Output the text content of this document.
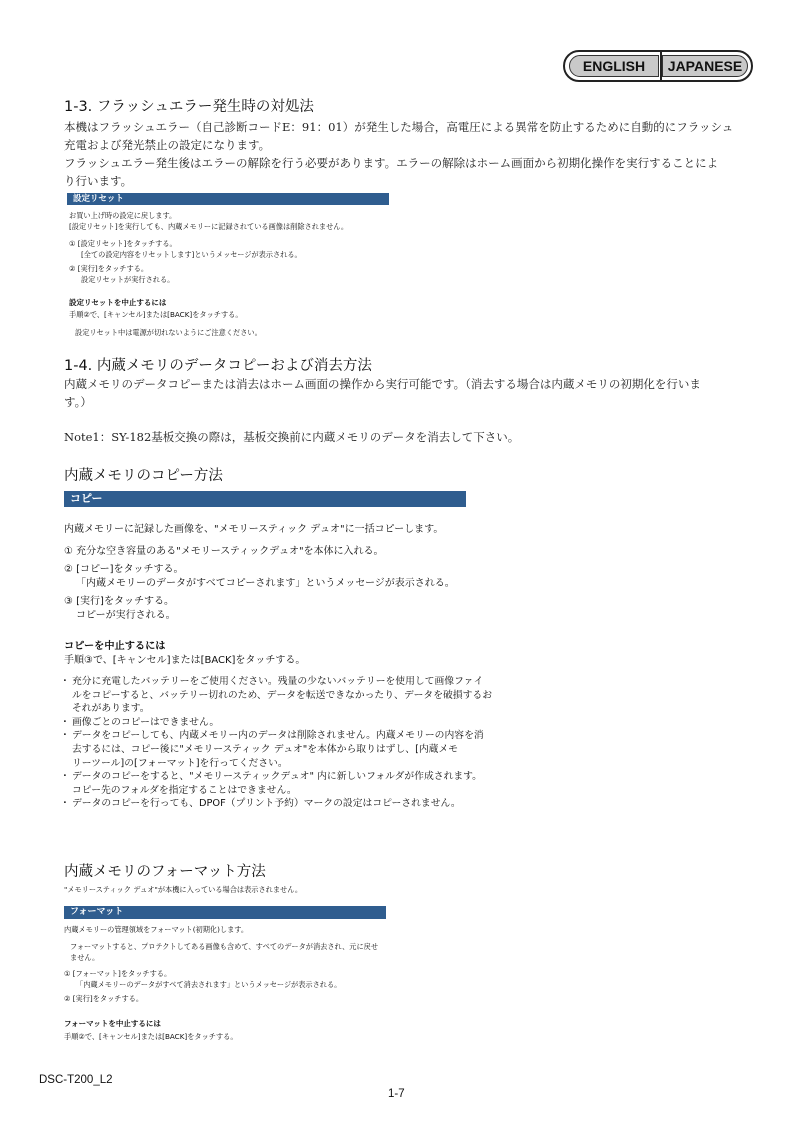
ENGLISH	JAPANESE
1-3. フラッシュエラー発生時の対処法
本機はフラッシュエラー（自己診断コードE：91：01）が発生した場合，高電圧による異常を防止するために自動的にフラッシュ
充電および発光禁止の設定になります。
フラッシュエラー発生後はエラーの解除を行う必要があります。エラーの解除はホーム画面から初期化操作を実行することによ
り行います。
設定リセット
お買い上げ時の設定に戻します。
[設定リセット]を実行しても、内蔵メモリーに記録されている画像は削除されません。
① [設定リセット]をタッチする。
[全ての設定内容をリセットします]というメッセージが表示される。
② [実行]をタッチする。
設定リセットが実行される。
設定リセットを中止するには
手順②で、[キャンセル]または[BACK]をタッチする。
設定リセット中は電源が切れないようにご注意ください。
1-4. 内蔵メモリのデータコピーおよび消去方法
内蔵メモリのデータコピーまたは消去はホーム画面の操作から実行可能です。（消去する場合は内蔵メモリの初期化を行いま
す。）
Note1：SY-182基板交換の際は，基板交換前に内蔵メモリのデータを消去して下さい。
内蔵メモリのコピー方法
コピー
内蔵メモリーに記録した画像を、"メモリースティック デュオ"に一括コピーします。
① 充分な空き容量のある"メモリースティックデュオ"を本体に入れる。
② [コピー]をタッチする。
「内蔵メモリーのデータがすべてコピーされます」というメッセージが表示される。
③ [実行]をタッチする。
コピーが実行される。
コピーを中止するには
手順③で、[キャンセル]または[BACK]をタッチする。
・ 充分に充電したバッテリーをご使用ください。残量の少ないバッテリーを使用して画像ファイ
ルをコピーすると、バッテリー切れのため、データを転送できなかったり、データを破損するお
それがあります。
・ 画像ごとのコピーはできません。
・ データをコピーしても、内蔵メモリー内のデータは削除されません。内蔵メモリーの内容を消
去するには、コピー後に"メモリースティック デュオ"を本体から取りはずし、[内蔵メモ
リーツール]の[フォーマット]を行ってください。
・ データのコピーをすると、"メモリースティックデュオ" 内に新しいフォルダが作成されます。
コピー先のフォルダを指定することはできません。
・ データのコピーを行っても、DPOF（プリント予約）マークの設定はコピーされません。
内蔵メモリのフォーマット方法
"メモリースティック デュオ"が本機に入っている場合は表示されません。
フォーマット
内蔵メモリーの管理領域をフォーマット(初期化)します。
フォーマットすると、プロテクトしてある画像も含めて、すべてのデータが消去され、元に戻せ
ません。
① [フォーマット]をタッチする。
「内蔵メモリーのデータがすべて消去されます」というメッセージが表示される。
② [実行]をタッチする。
フォーマットを中止するには
手順②で、[キャンセル]または[BACK]をタッチする。
DSC-T200_L2
1-7
